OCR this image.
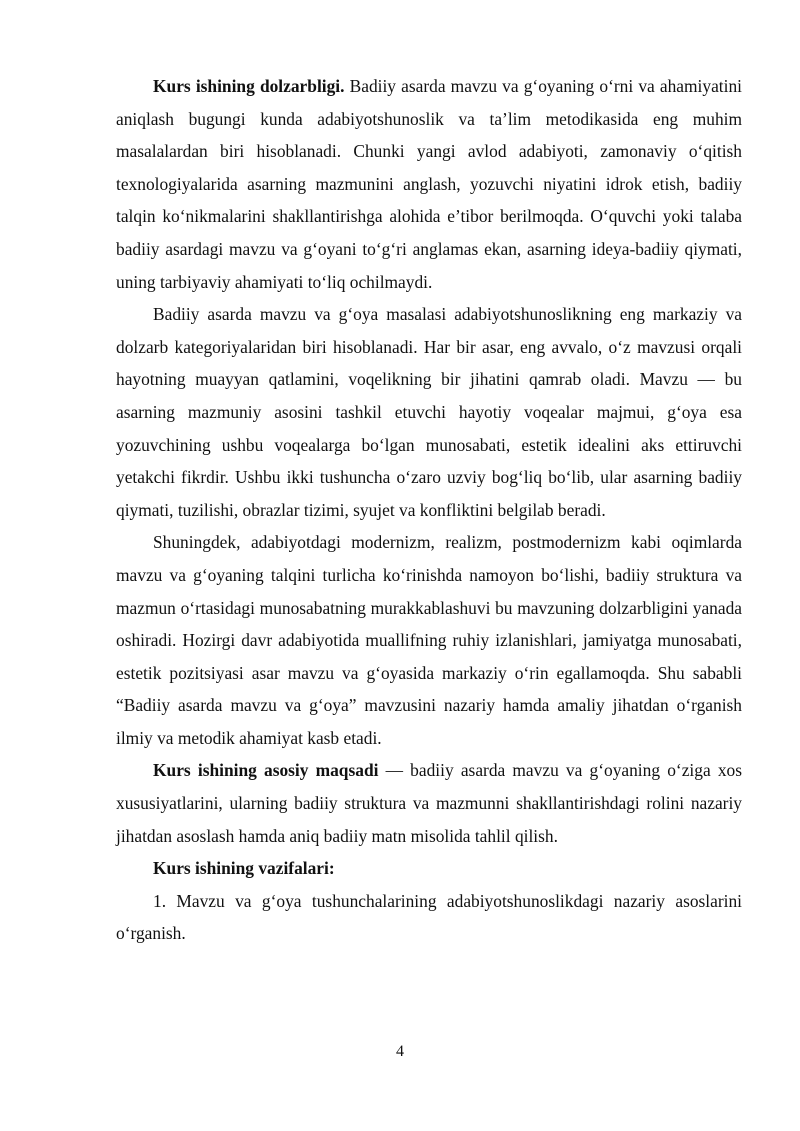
Kurs ishining dolzarbligi. Badiiy asarda mavzu va g‘oyaning o‘rni va ahamiyatini aniqlash bugungi kunda adabiyotshunoslik va ta’lim metodikasida eng muhim masalalardan biri hisoblanadi. Chunki yangi avlod adabiyoti, zamonaviy o‘qitish texnologiyalarida asarning mazmunini anglash, yozuvchi niyatini idrok etish, badiiy talqin ko‘nikmalarini shakllantirishga alohida e’tibor berilmoqda. O‘quvchi yoki talaba badiiy asardagi mavzu va g‘oyani to‘g‘ri anglamas ekan, asarning ideya-badiiy qiymati, uning tarbiyaviy ahamiyati to‘liq ochilmaydi.

Badiiy asarda mavzu va g‘oya masalasi adabiyotshunoslikning eng markaziy va dolzarb kategoriyalaridan biri hisoblanadi. Har bir asar, eng avvalo, o‘z mavzusi orqali hayotning muayyan qatlamini, voqelikning bir jihatini qamrab oladi. Mavzu — bu asarning mazmuniy asosini tashkil etuvchi hayotiy voqealar majmui, g‘oya esa yozuvchining ushbu voqealarga bo‘lgan munosabati, estetik idealini aks ettiruvchi yetakchi fikrdir. Ushbu ikki tushuncha o‘zaro uzviy bog‘liq bo‘lib, ular asarning badiiy qiymati, tuzilishi, obrazlar tizimi, syujet va konfliktini belgilab beradi.

Shuningdek, adabiyotdagi modernizm, realizm, postmodernizm kabi oqimlarda mavzu va g‘oyaning talqini turlicha ko‘rinishda namoyon bo‘lishi, badiiy struktura va mazmun o‘rtasidagi munosabatning murakkablashuvi bu mavzuning dolzarbligini yanada oshiradi. Hozirgi davr adabiyotida muallifning ruhiy izlanishlari, jamiyatga munosabati, estetik pozitsiyasi asar mavzu va g‘oyasida markaziy o‘rin egallamoqda. Shu sababli “Badiiy asarda mavzu va g‘oya” mavzusini nazariy hamda amaliy jihatdan o‘rganish ilmiy va metodik ahamiyat kasb etadi.

Kurs ishining asosiy maqsadi — badiiy asarda mavzu va g‘oyaning o‘ziga xos xususiyatlarini, ularning badiiy struktura va mazmunni shakllantirishdagi rolini nazariy jihatdan asoslash hamda aniq badiiy matn misolida tahlil qilish.

Kurs ishining vazifalari:

1. Mavzu va g‘oya tushunchalarining adabiyotshunoslikdagi nazariy asoslarini o‘rganish.

4
